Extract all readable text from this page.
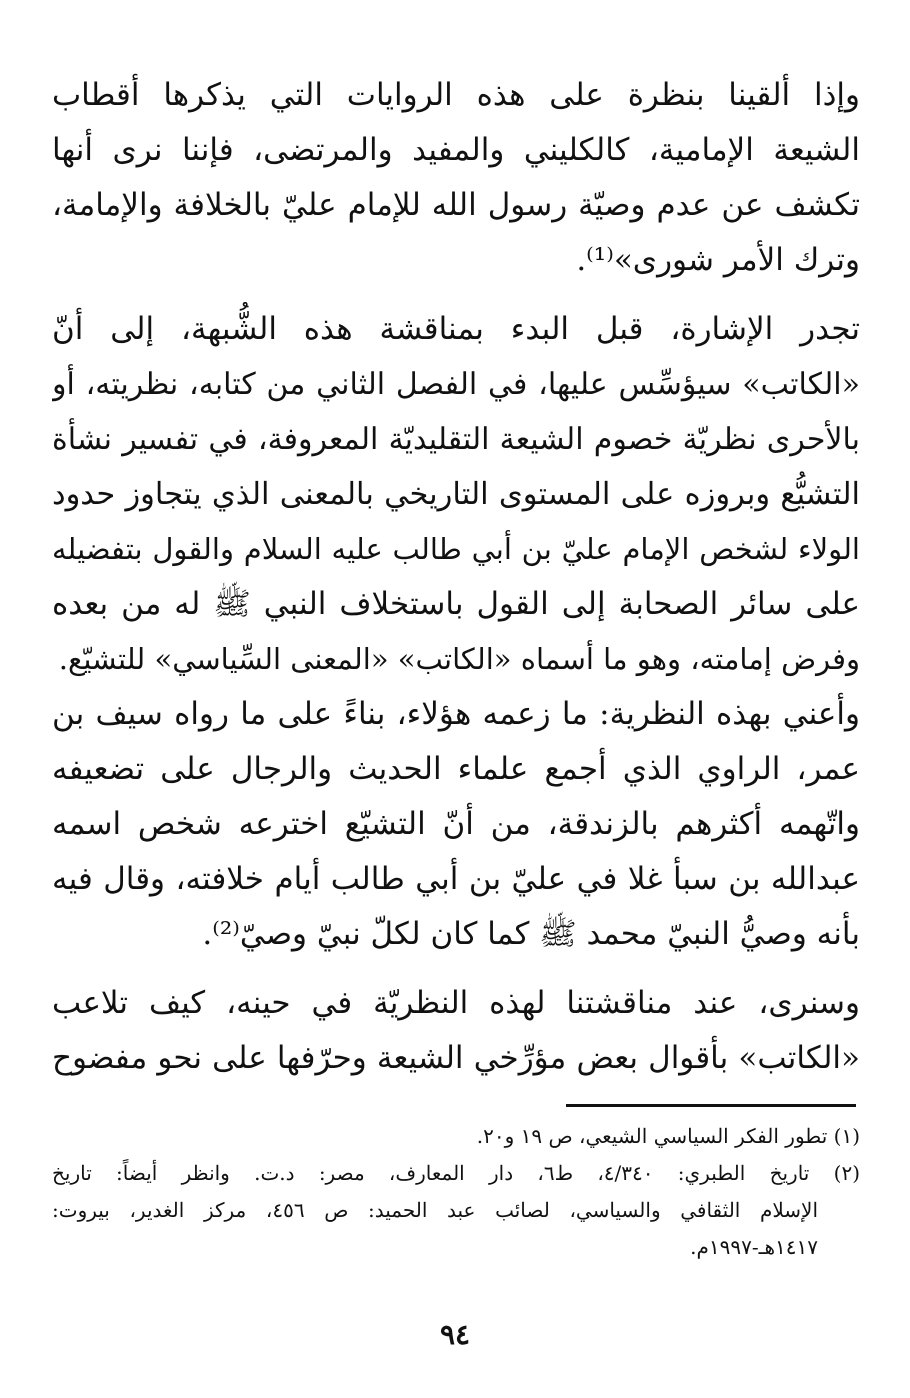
وإذا ألقينا بنظرة على هذه الروايات التي يذكرها أقطاب
الشيعة الإمامية، كالكليني والمفيد والمرتضى، فإننا نرى أنها
تكشف عن عدم وصيّة رسول الله للإمام عليّ بالخلافة والإمامة،
وترك الأمر شورى»⁽¹⁾.
تجدر الإشارة، قبل البدء بمناقشة هذه الشُّبهة، إلى أنّ
«الكاتب» سيؤسِّس عليها، في الفصل الثاني من كتابه، نظريته، أو
بالأحرى نظريّة خصوم الشيعة التقليديّة المعروفة، في تفسير نشأة
التشيُّع وبروزه على المستوى التاريخي بالمعنى الذي يتجاوز حدود
الولاء لشخص الإمام عليّ بن أبي طالب عليه السلام والقول بتفضيله
على سائر الصحابة إلى القول باستخلاف النبي ﷺ له من بعده
وفرض إمامته، وهو ما أسماه «الكاتب» «المعنى السِّياسي» للتشيّع.
وأعني بهذه النظرية: ما زعمه هؤلاء، بناءً على ما رواه سيف بن
عمر، الراوي الذي أجمع علماء الحديث والرجال على تضعيفه
واتّهمه أكثرهم بالزندقة، من أنّ التشيّع اخترعه شخص اسمه
عبدالله بن سبأ غلا في عليّ بن أبي طالب أيام خلافته، وقال فيه
بأنه وصيُّ النبيّ محمد ﷺ كما كان لكلّ نبيّ وصيّ⁽²⁾.
وسنرى، عند مناقشتنا لهذه النظريّة في حينه، كيف تلاعب
«الكاتب» بأقوال بعض مؤرِّخي الشيعة وحرّفها على نحو مفضوح
(١) تطور الفكر السياسي الشيعي، ص ١٩ و٢٠.
(٢) تاريخ الطبري: ٤/٣٤٠، ط٦، دار المعارف، مصر: د.ت. وانظر أيضاً: تاريخ
الإسلام الثقافي والسياسي، لصائب عبد الحميد: ص ٤٥٦، مركز الغدير، بيروت:
١٤١٧هـ-١٩٩٧م.
٩٤
